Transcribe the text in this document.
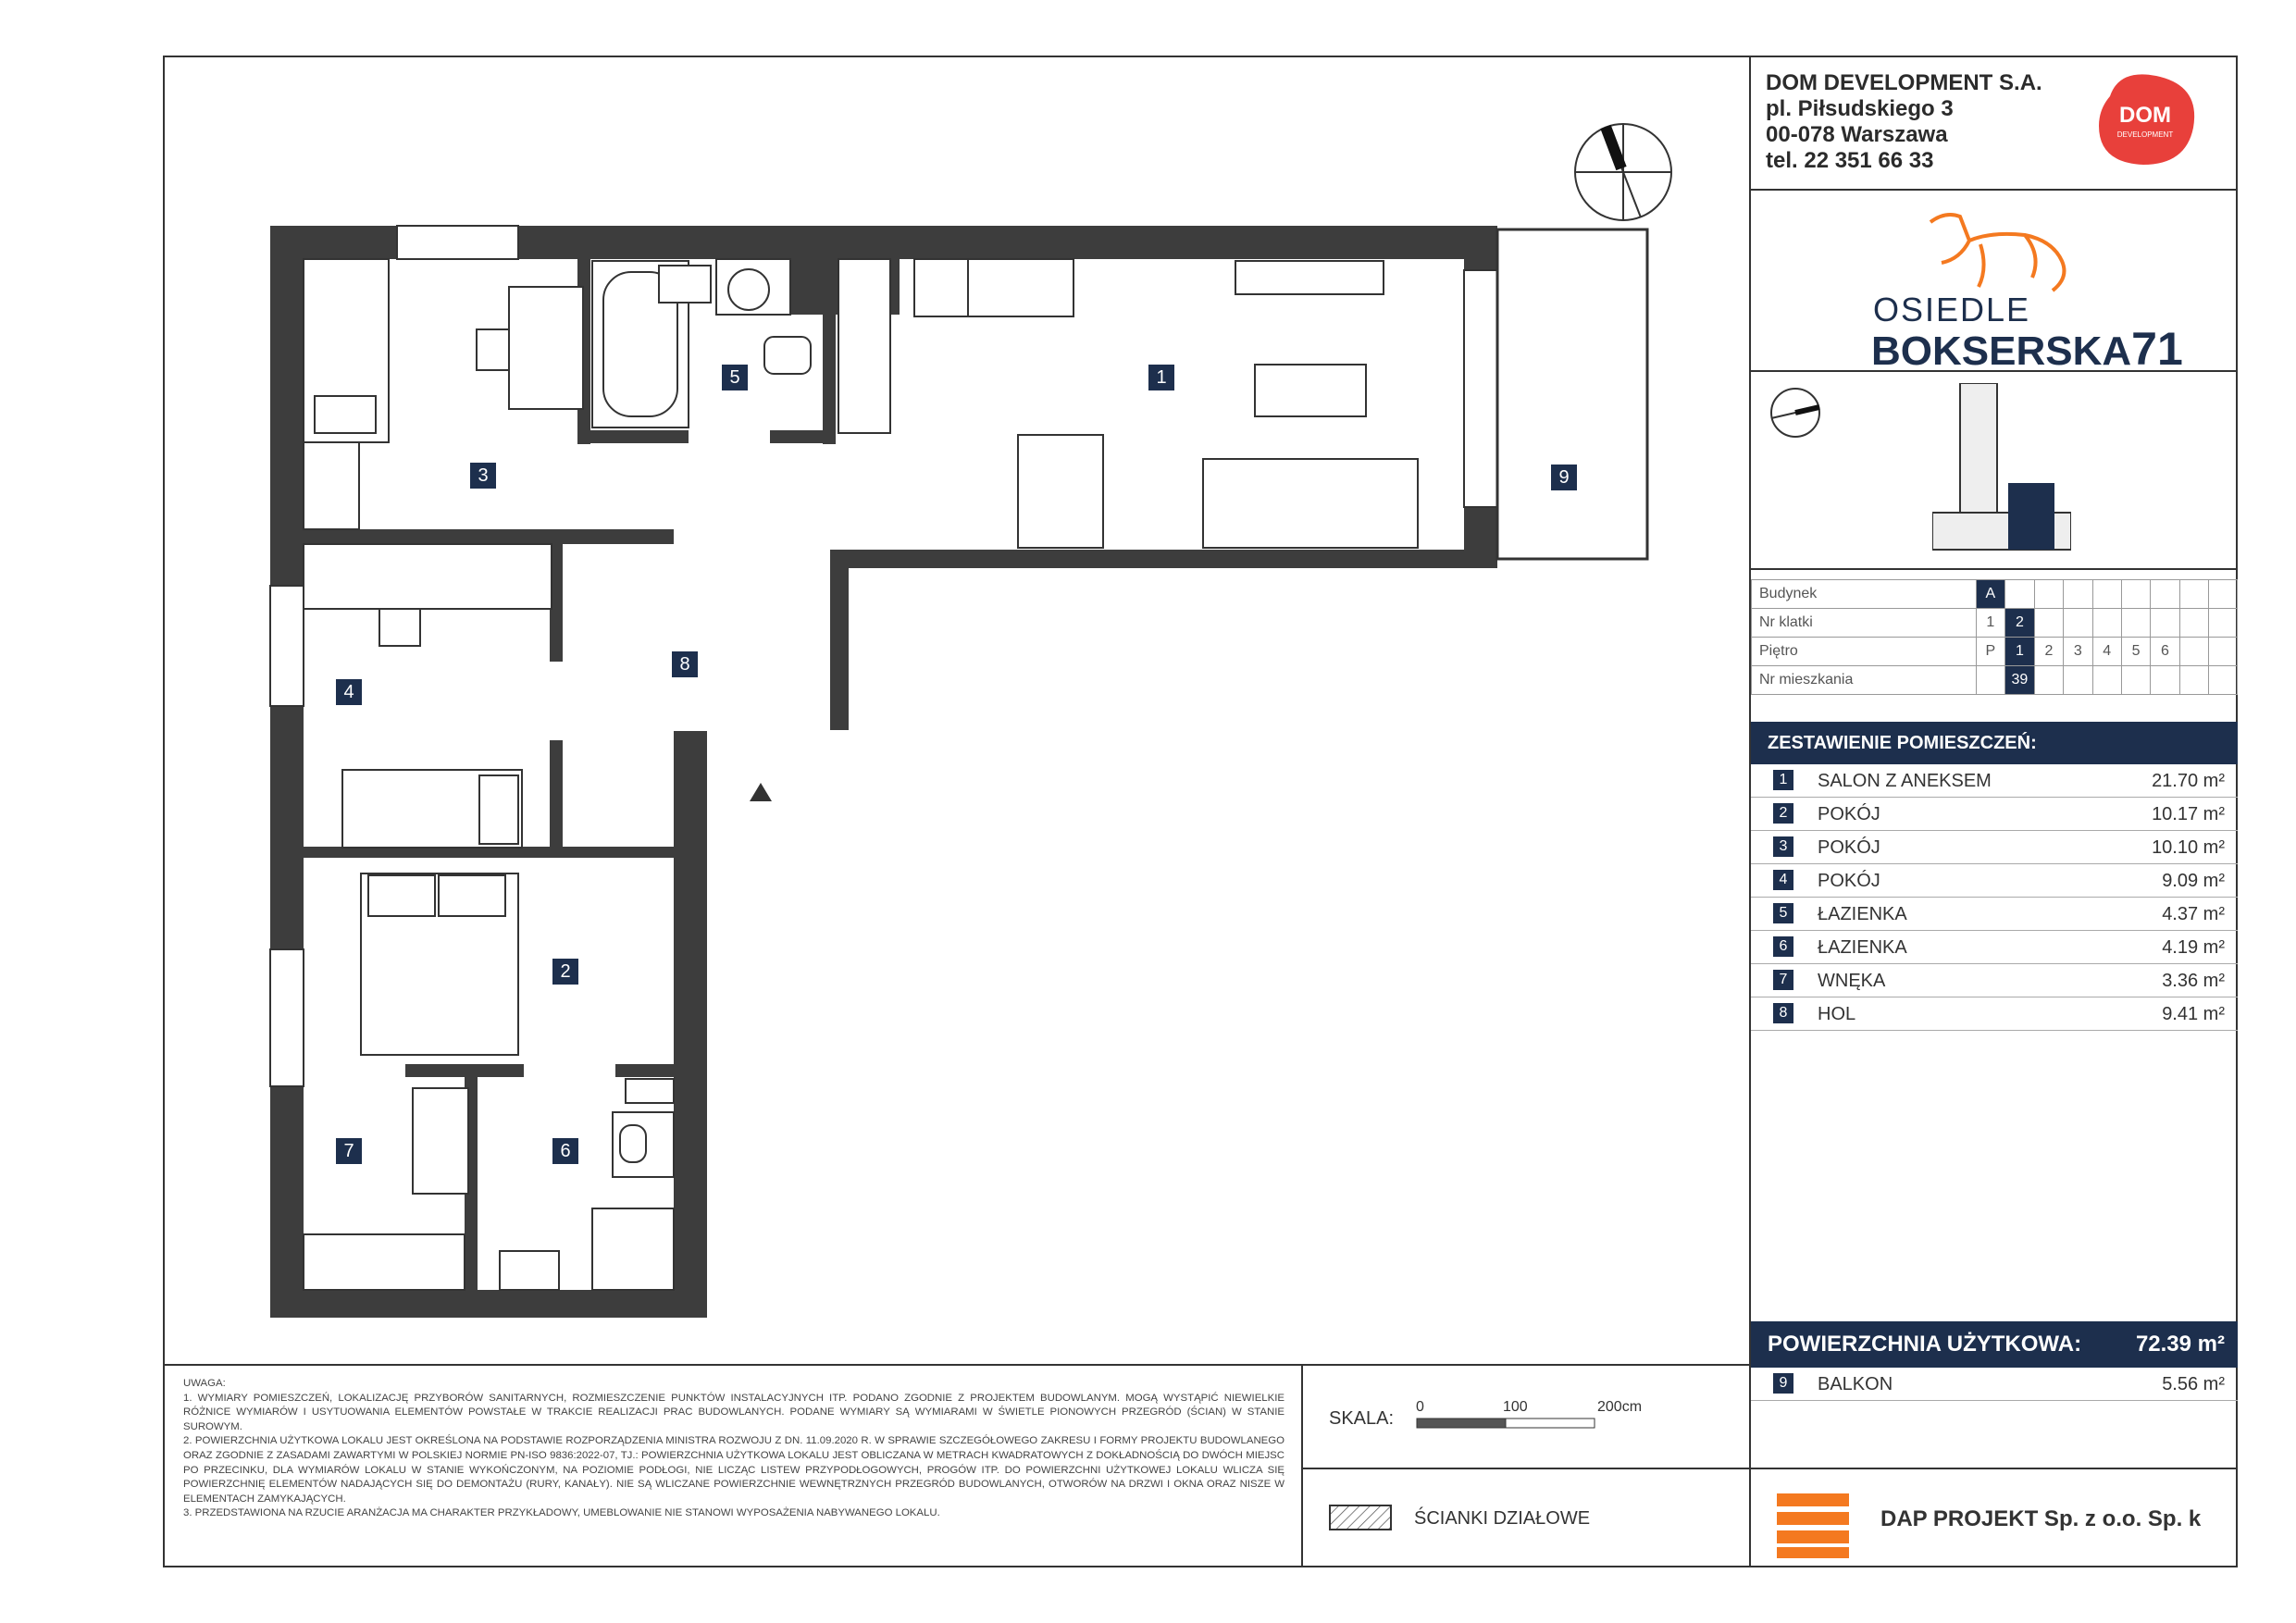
1
2
3
4
5
6
7
8
9
DOM DEVELOPMENT S.A.
pl. Piłsudskiego 3
00-078 Warszawa
tel. 22 351 66 33
DOM
DEVELOPMENT
OSIEDLE
BOKSERSKA71
Budynek	A								
Nr klatki	1	2							
Piętro	P	1	2	3	4	5	6		
Nr mieszkania		39							
ZESTAWIENIE POMIESZCZEŃ:
1	SALON Z ANEKSEM	21.70 m²
2	POKÓJ	10.17 m²
3	POKÓJ	10.10 m²
4	POKÓJ	9.09 m²
5	ŁAZIENKA	4.37 m²
6	ŁAZIENKA	4.19 m²
7	WNĘKA	3.36 m²
8	HOL	9.41 m²
POWIERZCHNIA UŻYTKOWA: 72.39 m²
9	BALKON	5.56 m²
DAP PROJEKT Sp. z o.o. Sp. k

UWAGA:

1. WYMIARY POMIESZCZEŃ, LOKALIZACJĘ PRZYBORÓW SANITARNYCH, ROZMIESZCZENIE PUNKTÓW INSTALACYJNYCH ITP. PODANO ZGODNIE Z PROJEKTEM BUDOWLANYM. MOGĄ WYSTĄPIĆ NIEWIELKIE RÓŻNICE WYMIARÓW I USYTUOWANIA ELEMENTÓW POWSTAŁE W TRAKCIE REALIZACJI PRAC BUDOWLANYCH. PODANE WYMIARY SĄ WYMIARAMI W ŚWIETLE PIONOWYCH PRZEGRÓD (ŚCIAN) W STANIE SUROWYM.

2. POWIERZCHNIA UŻYTKOWA LOKALU JEST OKREŚLONA NA PODSTAWIE ROZPORZĄDZENIA MINISTRA ROZWOJU Z DN. 11.09.2020 R. W SPRAWIE SZCZEGÓŁOWEGO ZAKRESU I FORMY PROJEKTU BUDOWLANEGO ORAZ ZGODNIE Z ZASADAMI ZAWARTYMI W POLSKIEJ NORMIE PN-ISO 9836:2022-07, TJ.: POWIERZCHNIA UŻYTKOWA LOKALU JEST OBLICZANA W METRACH KWADRATOWYCH Z DOKŁADNOŚCIĄ DO DWÓCH MIEJSC PO PRZECINKU, DLA WYMIARÓW LOKALU W STANIE WYKOŃCZONYM, NA POZIOMIE PODŁOGI, NIE LICZĄC LISTEW PRZYPODŁOGOWYCH, PROGÓW ITP. DO POWIERZCHNI UŻYTKOWEJ LOKALU WLICZA SIĘ POWIERZCHNIĘ ELEMENTÓW NADAJĄCYCH SIĘ DO DEMONTAŻU (RURY, KANAŁY). NIE SĄ WLICZANE POWIERZCHNIE WEWNĘTRZNYCH PRZEGRÓD BUDOWLANYCH, OTWORÓW NA DRZWI I OKNA ORAZ NISZE W ELEMENTACH ZAMYKAJĄCYCH.

3. PRZEDSTAWIONA NA RZUCIE ARANŻACJA MA CHARAKTER PRZYKŁADOWY, UMEBLOWANIE NIE STANOWI WYPOSAŻENIA NABYWANEGO LOKALU.

SKALA:
0	100	200cm
ŚCIANKI DZIAŁOWE
